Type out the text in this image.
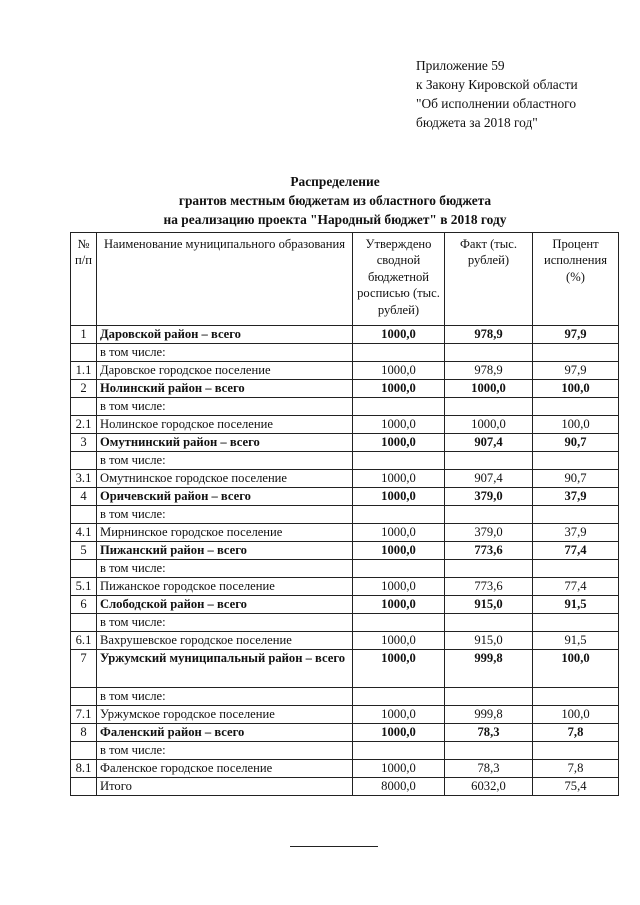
Приложение 59
к Закону Кировской области
"Об исполнении областного
бюджета за 2018 год"
Распределение
грантов местным бюджетам из областного бюджета
на реализацию проекта "Народный бюджет" в 2018 году
№ п/п	Наименование муниципального образования	Утверждено сводной бюджетной росписью (тыс. рублей)	Факт (тыс. рублей)	Процент исполнения (%)
1	Даровской район – всего	1000,0	978,9	97,9
	в том числе:			
1.1	Даровское городское поселение	1000,0	978,9	97,9
2	Нолинский район – всего	1000,0	1000,0	100,0
	в том числе:			
2.1	Нолинское городское поселение	1000,0	1000,0	100,0
3	Омутнинский район – всего	1000,0	907,4	90,7
	в том числе:			
3.1	Омутнинское городское поселение	1000,0	907,4	90,7
4	Оричевский район – всего	1000,0	379,0	37,9
	в том числе:			
4.1	Мирнинское городское поселение	1000,0	379,0	37,9
5	Пижанский район – всего	1000,0	773,6	77,4
	в том числе:			
5.1	Пижанское городское поселение	1000,0	773,6	77,4
6	Слободской район – всего	1000,0	915,0	91,5
	в том числе:			
6.1	Вахрушевское городское поселение	1000,0	915,0	91,5
7	Уржумский муниципальный район – всего	1000,0	999,8	100,0
	в том числе:			
7.1	Уржумское городское поселение	1000,0	999,8	100,0
8	Фаленский район – всего	1000,0	78,3	7,8
	в том числе:			
8.1	Фаленское городское поселение	1000,0	78,3	7,8
	Итого	8000,0	6032,0	75,4
